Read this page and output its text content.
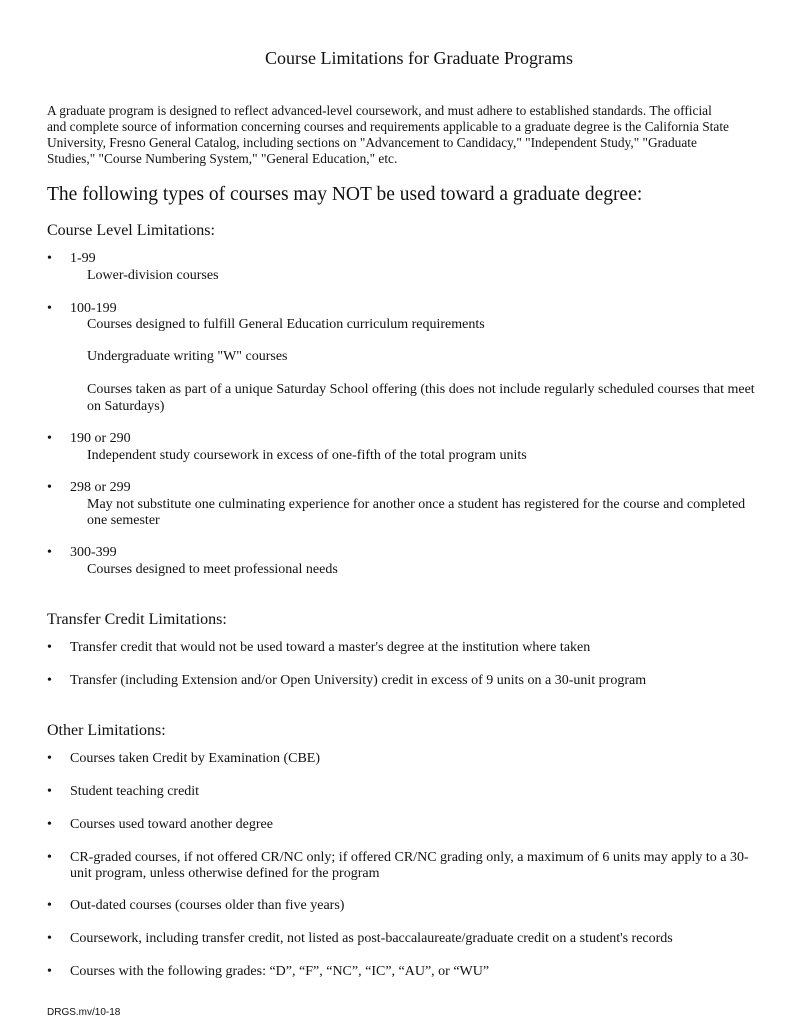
Course Limitations for Graduate Programs
A graduate program is designed to reflect advanced-level coursework, and must adhere to established standards. The official
and complete source of information concerning courses and requirements applicable to a graduate degree is the California State
University, Fresno General Catalog, including sections on "Advancement to Candidacy," "Independent Study," "Graduate
Studies," "Course Numbering System," "General Education," etc.
The following types of courses may NOT be used toward a graduate degree:
Course Level Limitations:
• 1-99
Lower-division courses
• 100-199
Courses designed to fulfill General Education curriculum requirements
Undergraduate writing "W" courses
Courses taken as part of a unique Saturday School offering (this does not include regularly scheduled courses that meet
on Saturdays)
• 190 or 290
Independent study coursework in excess of one-fifth of the total program units
• 298 or 299
May not substitute one culminating experience for another once a student has registered for the course and completed
one semester
• 300-399
Courses designed to meet professional needs
Transfer Credit Limitations:
• Transfer credit that would not be used toward a master's degree at the institution where taken
• Transfer (including Extension and/or Open University) credit in excess of 9 units on a 30-unit program
Other Limitations:
• Courses taken Credit by Examination (CBE)
• Student teaching credit
• Courses used toward another degree
• CR-graded courses, if not offered CR/NC only; if offered CR/NC grading only, a maximum of 6 units may apply to a 30-
unit program, unless otherwise defined for the program
• Out-dated courses (courses older than five years)
• Coursework, including transfer credit, not listed as post-baccalaureate/graduate credit on a student's records
• Courses with the following grades: “D”, “F”, “NC”, “IC”, “AU”, or “WU”
DRGS.mv/10-18
